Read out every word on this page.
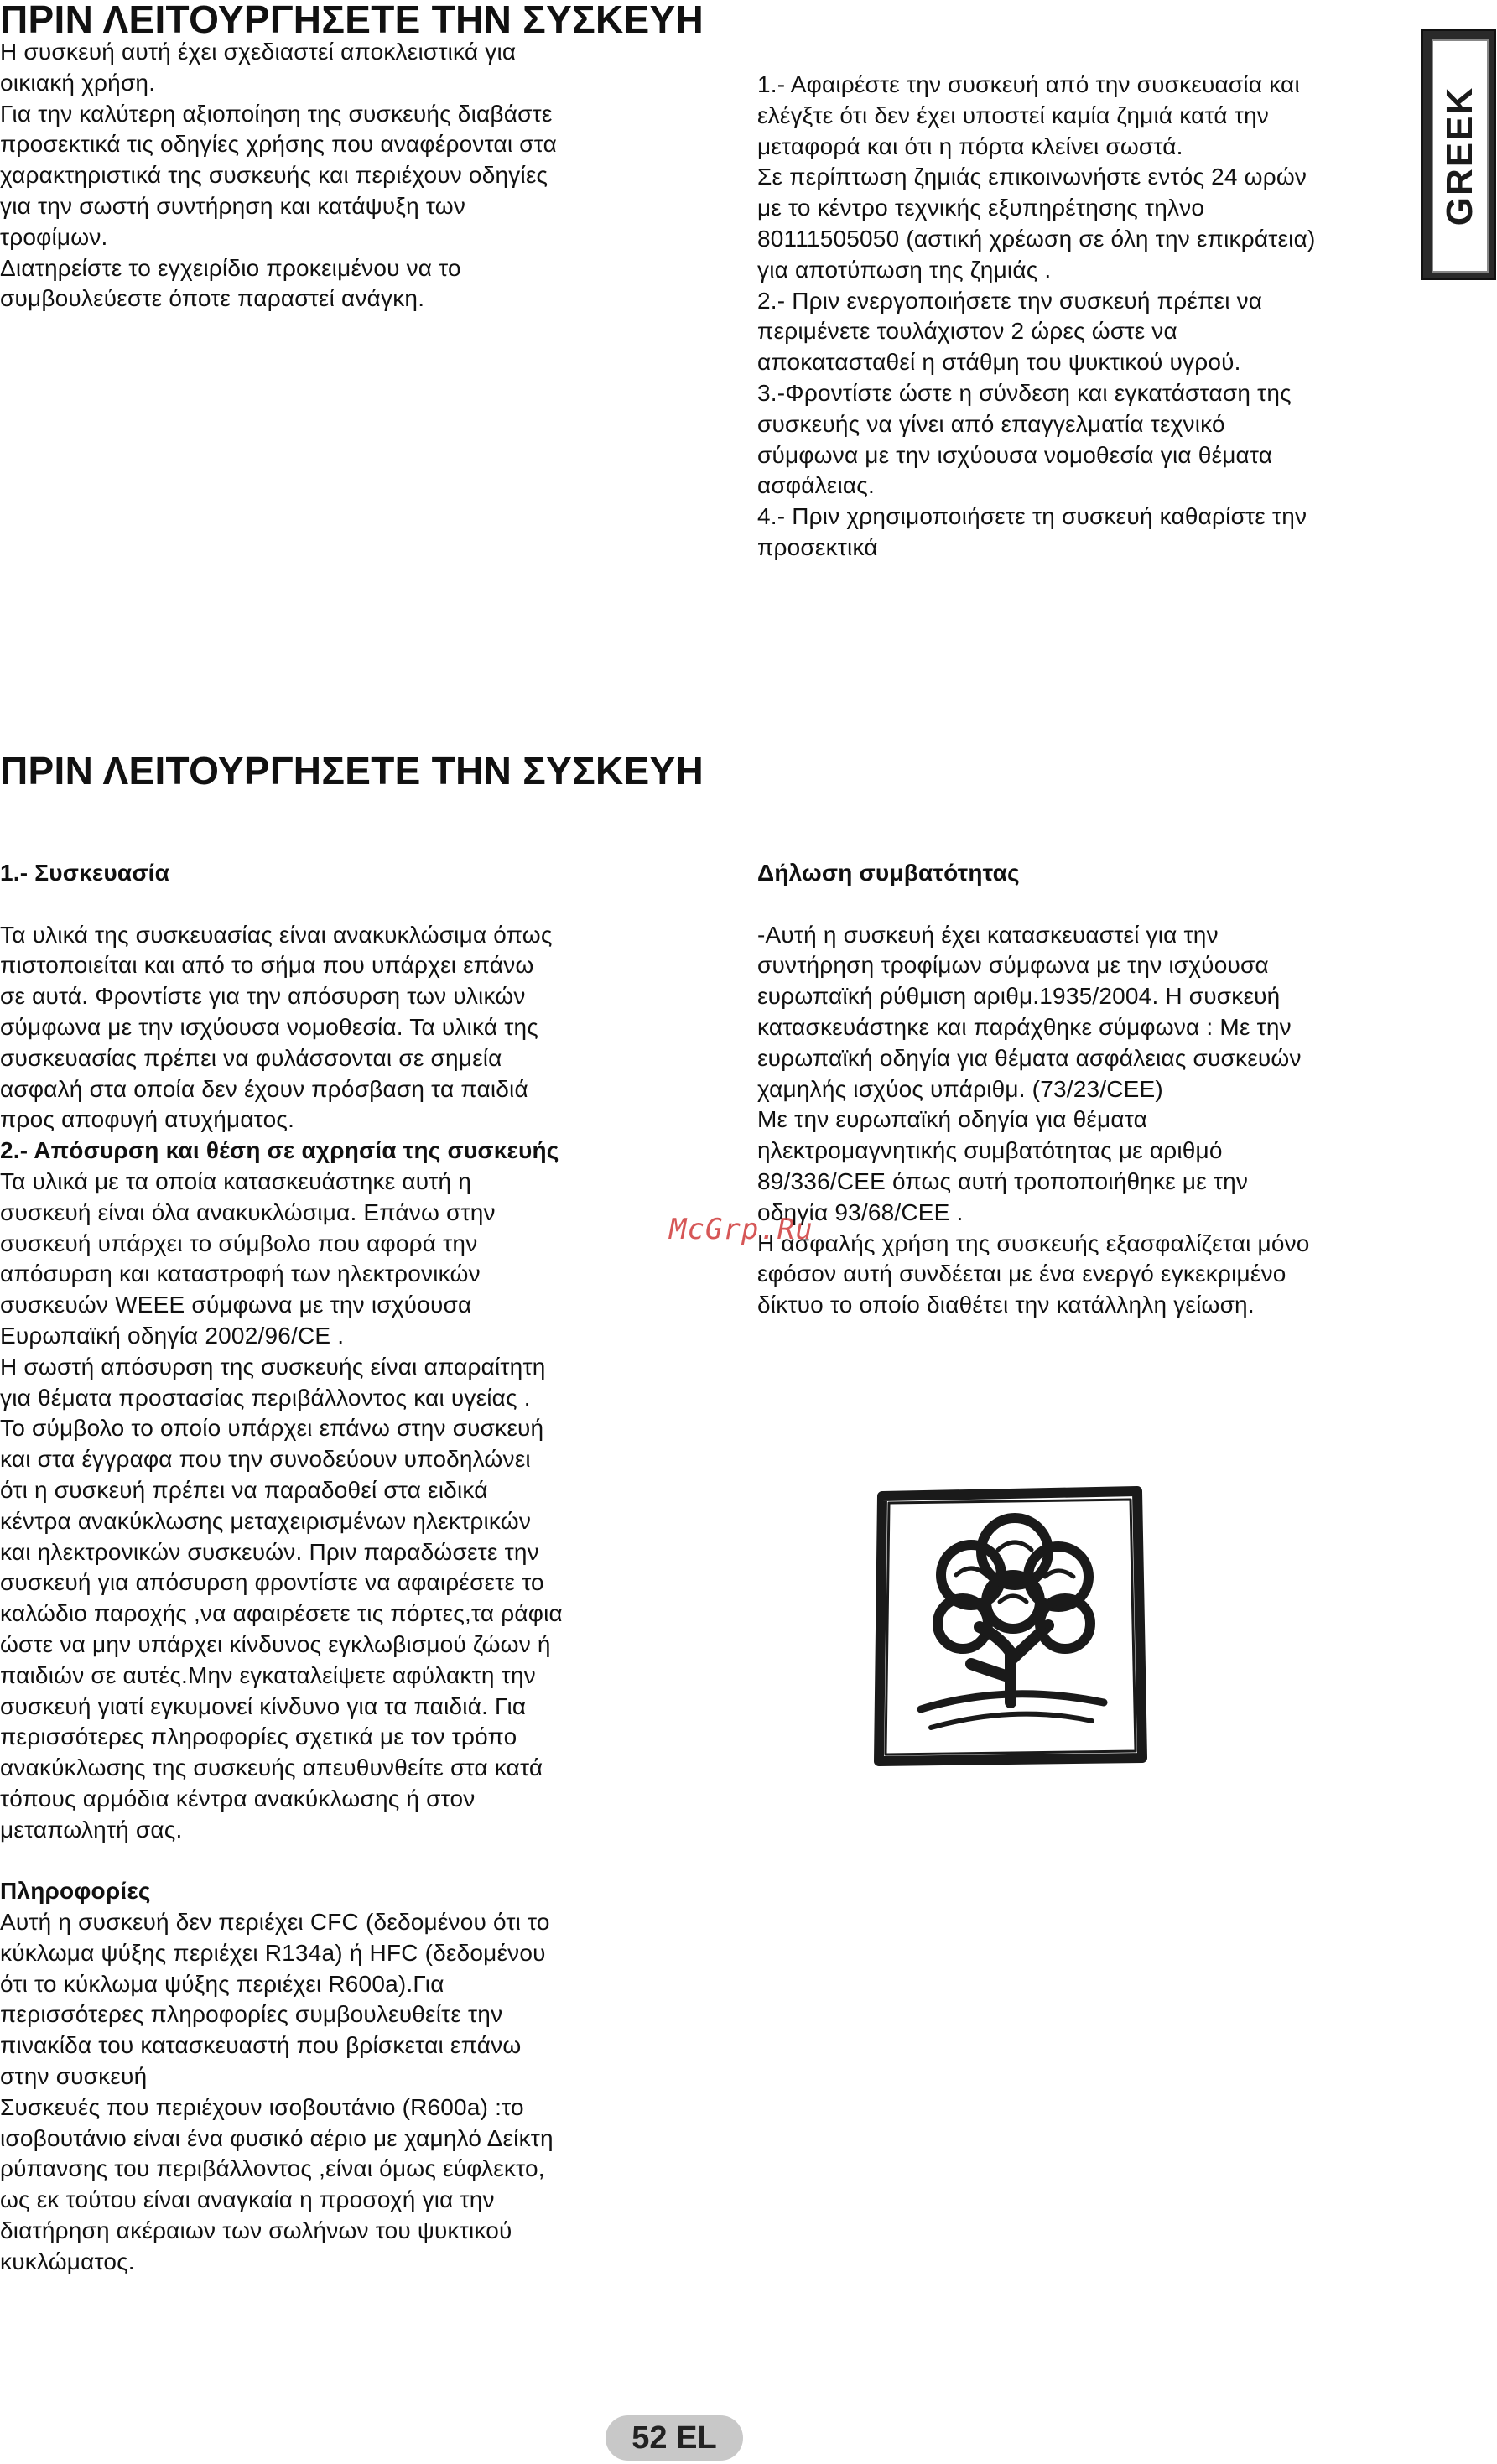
ΠΡΙΝ ΛΕΙΤΟΥΡΓΗΣΕΤΕ ΤΗΝ ΣΥΣΚΕΥΗ
GREEK

Η συσκευή αυτή έχει σχεδιαστεί αποκλειστικά για

οικιακή χρήση.

Για την καλύτερη αξιοποίηση της συσκευής διαβάστε

προσεκτικά τις οδηγίες χρήσης που αναφέρονται στα

χαρακτηριστικά της συσκευής και περιέχουν οδηγίες

για την σωστή συντήρηση και κατάψυξη των

τροφίμων.

Διατηρείστε το εγχειρίδιο προκειμένου να το

συμβουλεύεστε όποτε παραστεί ανάγκη.

1.- Αφαιρέστε την συσκευή από την συσκευασία και

ελέγξτε ότι δεν έχει υποστεί καμία ζημιά κατά την

μεταφορά και ότι η πόρτα κλείνει σωστά.

Σε περίπτωση ζημιάς επικοινωνήστε εντός 24 ωρών

με το κέντρο τεχνικής εξυπηρέτησης τηλνο

80111505050 (αστική χρέωση σε όλη την επικράτεια)

για αποτύπωση της ζημιάς .

2.- Πριν ενεργοποιήσετε την συσκευή πρέπει να

περιμένετε τουλάχιστον 2 ώρες ώστε να

αποκατασταθεί η στάθμη του ψυκτικού υγρού.

3.-Φροντίστε ώστε η σύνδεση και εγκατάσταση της

συσκευής να γίνει από επαγγελματία τεχνικό

σύμφωνα με την ισχύουσα νομοθεσία για θέματα

ασφάλειας.

4.- Πριν χρησιμοποιήσετε τη συσκευή καθαρίστε την

προσεκτικά

ΠΡΙΝ ΛΕΙΤΟΥΡΓΗΣΕΤΕ ΤΗΝ ΣΥΣΚΕΥΗ

1.- Συσκευασία

Τα υλικά της συσκευασίας είναι ανακυκλώσιμα όπως

πιστοποιείται και από το σήμα που υπάρχει επάνω

σε αυτά. Φροντίστε για την απόσυρση των υλικών

σύμφωνα με την ισχύουσα νομοθεσία. Τα υλικά της

συσκευασίας πρέπει να φυλάσσονται σε σημεία

ασφαλή στα οποία δεν έχουν πρόσβαση τα παιδιά

προς αποφυγή ατυχήματος.

2.- Απόσυρση και θέση σε αχρησία της συσκευής

Τα υλικά με τα οποία κατασκευάστηκε αυτή η

συσκευή είναι όλα ανακυκλώσιμα. Επάνω στην

συσκευή υπάρχει το σύμβολο που αφορά την

απόσυρση και καταστροφή των ηλεκτρονικών

συσκευών WEEE σύμφωνα με την ισχύουσα

Ευρωπαϊκή οδηγία 2002/96/CE .

Η σωστή απόσυρση της συσκευής είναι απαραίτητη

για θέματα προστασίας περιβάλλοντος και υγείας .

Το σύμβολο το οποίο υπάρχει επάνω στην συσκευή

και στα έγγραφα που την συνοδεύουν υποδηλώνει

ότι η συσκευή πρέπει να παραδοθεί στα ειδικά

κέντρα ανακύκλωσης μεταχειρισμένων ηλεκτρικών

και ηλεκτρονικών συσκευών. Πριν παραδώσετε την

συσκευή για απόσυρση φροντίστε να αφαιρέσετε το

καλώδιο παροχής ,να αφαιρέσετε τις πόρτες,τα ράφια

ώστε να μην υπάρχει κίνδυνος εγκλωβισμού ζώων ή

παιδιών σε αυτές.Μην εγκαταλείψετε αφύλακτη την

συσκευή γιατί εγκυμονεί κίνδυνο για τα παιδιά. Για

περισσότερες πληροφορίες σχετικά με τον τρόπο

ανακύκλωσης της συσκευής απευθυνθείτε στα κατά

τόπους αρμόδια κέντρα ανακύκλωσης ή στον

μεταπωλητή σας.

Πληροφορίες

Αυτή η συσκευή δεν περιέχει CFC (δεδομένου ότι το

κύκλωμα ψύξης περιέχει R134a) ή HFC (δεδομένου

ότι το κύκλωμα ψύξης περιέχει R600a).Για

περισσότερες πληροφορίες συμβουλευθείτε την

πινακίδα του κατασκευαστή που βρίσκεται επάνω

στην συσκευή

Συσκευές που περιέχουν ισοβουτάνιο (R600a) :το

ισοβουτάνιο είναι ένα φυσικό αέριο με χαμηλό Δείκτη

ρύπανσης του περιβάλλοντος ,είναι όμως εύφλεκτο,

ως εκ τούτου είναι αναγκαία η προσοχή για την

διατήρηση ακέραιων των σωλήνων του ψυκτικού

κυκλώματος.

Δήλωση συμβατότητας

-Αυτή η συσκευή έχει κατασκευαστεί για την

συντήρηση τροφίμων σύμφωνα με την ισχύουσα

ευρωπαϊκή ρύθμιση αριθμ.1935/2004. Η συσκευή

κατασκευάστηκε και παράχθηκε σύμφωνα : Με την

ευρωπαϊκή οδηγία για θέματα ασφάλειας συσκευών

χαμηλής ισχύος υπάριθμ. (73/23/CEE)

Με την ευρωπαϊκή οδηγία για θέματα

ηλεκτρομαγνητικής συμβατότητας με αριθμό

89/336/CEE όπως αυτή τροποποιήθηκε με την

οδηγία 93/68/CEE .

Η ασφαλής χρήση της συσκευής εξασφαλίζεται μόνο

εφόσον αυτή συνδέεται με ένα ενεργό εγκεκριμένο

δίκτυο το οποίο διαθέτει την κατάλληλη γείωση.

McGrp.Ru
52 EL
